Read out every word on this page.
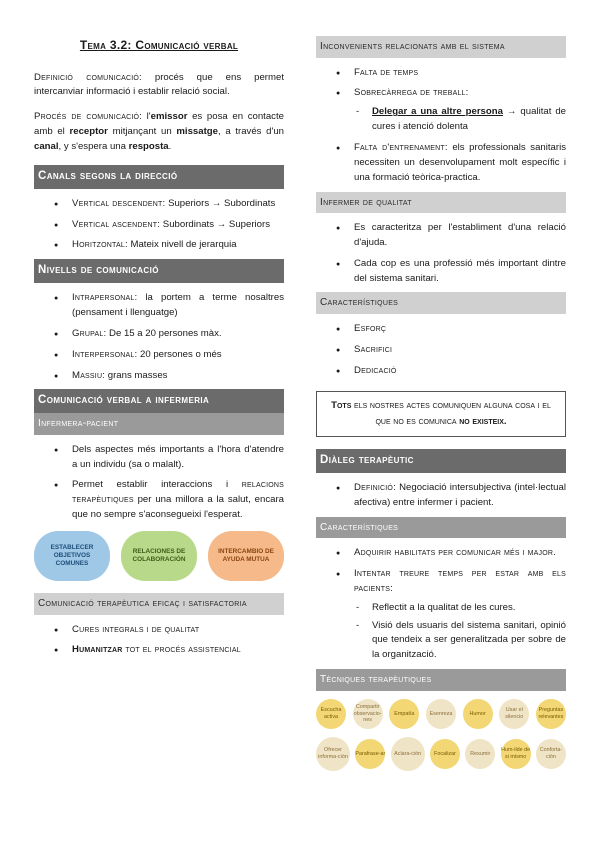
Tema 3.2: Comunicació verbal

Definició comunicació: procés que ens permet intercanviar informació i establir relació social.

Procés de comunicació: l'emissor es posa en contacte amb el receptor mitjançant un missatge, a través d'un canal, y s'espera una resposta.

Canals segons la direcció
● Vertical descendent: Superiors → Subordinats
● Vertical ascendent: Subordinats → Superiors
● Horitzontal: Mateix nivell de jerarquia
Nivells de comunicació
● Intrapersonal: la portem a terme nosaltres (pensament i llenguatge)
● Grupal: De 15 a 20 persones màx.
● Interpersonal: 20 persones o més
● Massiu: grans masses
Comunicació verbal a infermeria
Infermera-pacient
● Dels aspectes més importants a l'hora d'atendre a un individu (sa o malalt).
● Permet establir interaccions i relacions terapèutiques per una millora a la salut, encara que no sempre s'aconsegueixi l'esperat.
ESTABLECER OBJETIVOS COMUNES
RELACIONES DE COLABORACIÓN
INTERCAMBIO DE AYUDA MUTUA
Comunicació terapèutica eficaç i satisfactoria
● Cures integrals i de qualitat
● Humanitzar tot el procés assistencial
Inconvenients relacionats amb el sistema
● Falta de temps
● Sobrecàrrega de treball:
- Delegar a una altre persona → qualitat de cures i atenció dolenta
● Falta d'entrenament: els professionals sanitaris necessiten un desenvolupament molt específic i una formació teòrica-practica.
Infermer de qualitat
● Es caracteritza per l'establiment d'una relació d'ajuda.
● Cada cop es una professió més important dintre del sistema sanitari.
Característiques
● Esforç
● Sacrifici
● Dedicació
Tots els nostres actes comuniquen alguna cosa i el que no es comunica no existeix.
Diàleg terapèutic
● Definició: Negociació intersubjectiva (intel·lectual afectiva) entre infermer i pacient.
Característiques
● Adquirir habilitats per comunicar més i major.
● Intentar treure temps per estar amb els pacients:
- Reflectit a la qualitat de les cures.
- Visió dels usuaris del sistema sanitari, opinió que tendeix a ser generalitzada per sobre de la organització.
Tècniques terapèutiques
Escucha activa
Compartir observacio-nes
Empatía	Esenreza	Humor
Usar el silencio
Preguntas relevantes
Ofrecer informa-ción
Parafrase-ar	Aclara-ción	Focalizar	Resumir
Hum-ilde de si mismo
Conforta-ción
